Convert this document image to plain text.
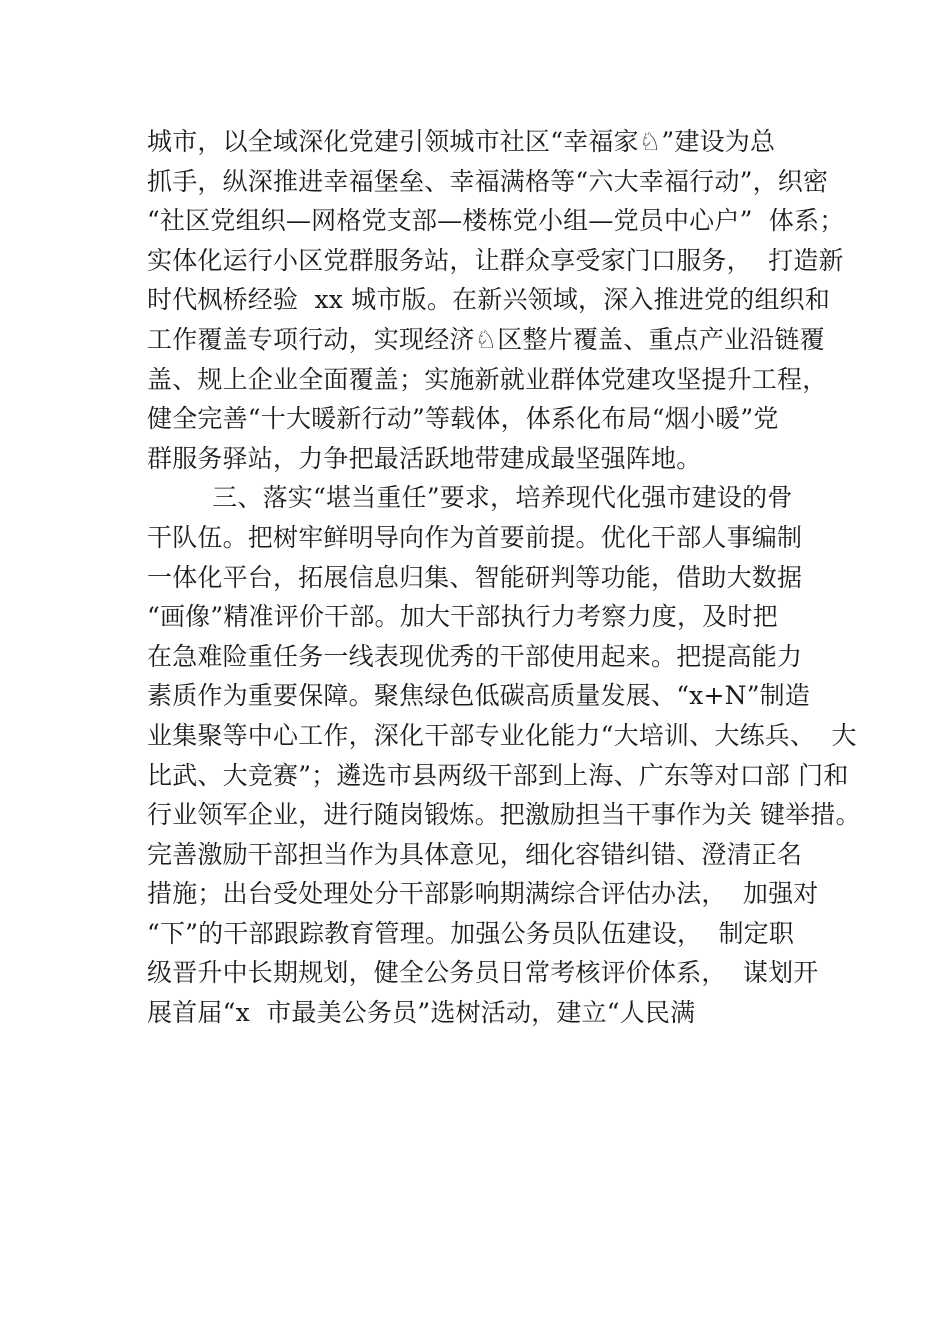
城市，以全域深化党建引领城市社区“幸福家♘”建设为总
抓手，纵深推进幸福堡垒、幸福满格等“六大幸福行动”，织密
“社区党组织—网格党支部—楼栋党小组—党员中心户”  体系；
实体化运行小区党群服务站，让群众享受家门口服务，  打造新
时代枫桥经验  xx 城市版。在新兴领域，深入推进党的组织和
工作覆盖专项行动，实现经济♘区整片覆盖、重点产业沿链覆
盖、规上企业全面覆盖；实施新就业群体党建攻坚提升工程，
健全完善“十大暖新行动”等载体，体系化布局“烟小暖”党
群服务驿站，力争把最活跃地带建成最坚强阵地。
三、落实“堪当重任”要求，培养现代化强市建设的骨
干队伍。把树牢鲜明导向作为首要前提。优化干部人事编制
一体化平台，拓展信息归集、智能研判等功能，借助大数据
“画像”精准评价干部。加大干部执行力考察力度，及时把
在急难险重任务一线表现优秀的干部使用起来。把提高能力
素质作为重要保障。聚焦绿色低碳高质量发展、“x+N”制造
业集聚等中心工作，深化干部专业化能力“大培训、大练兵、  大
比武、大竞赛”；遴选市县两级干部到上海、广东等对口部 门和
行业领军企业，进行随岗锻炼。把激励担当干事作为关 键举措。
完善激励干部担当作为具体意见，细化容错纠错、澄清正名
措施；出台受处理处分干部影响期满综合评估办法，  加强对
“下”的干部跟踪教育管理。加强公务员队伍建设，  制定职
级晋升中长期规划，健全公务员日常考核评价体系，  谋划开
展首届“x  市最美公务员”选树活动，建立“人民满
